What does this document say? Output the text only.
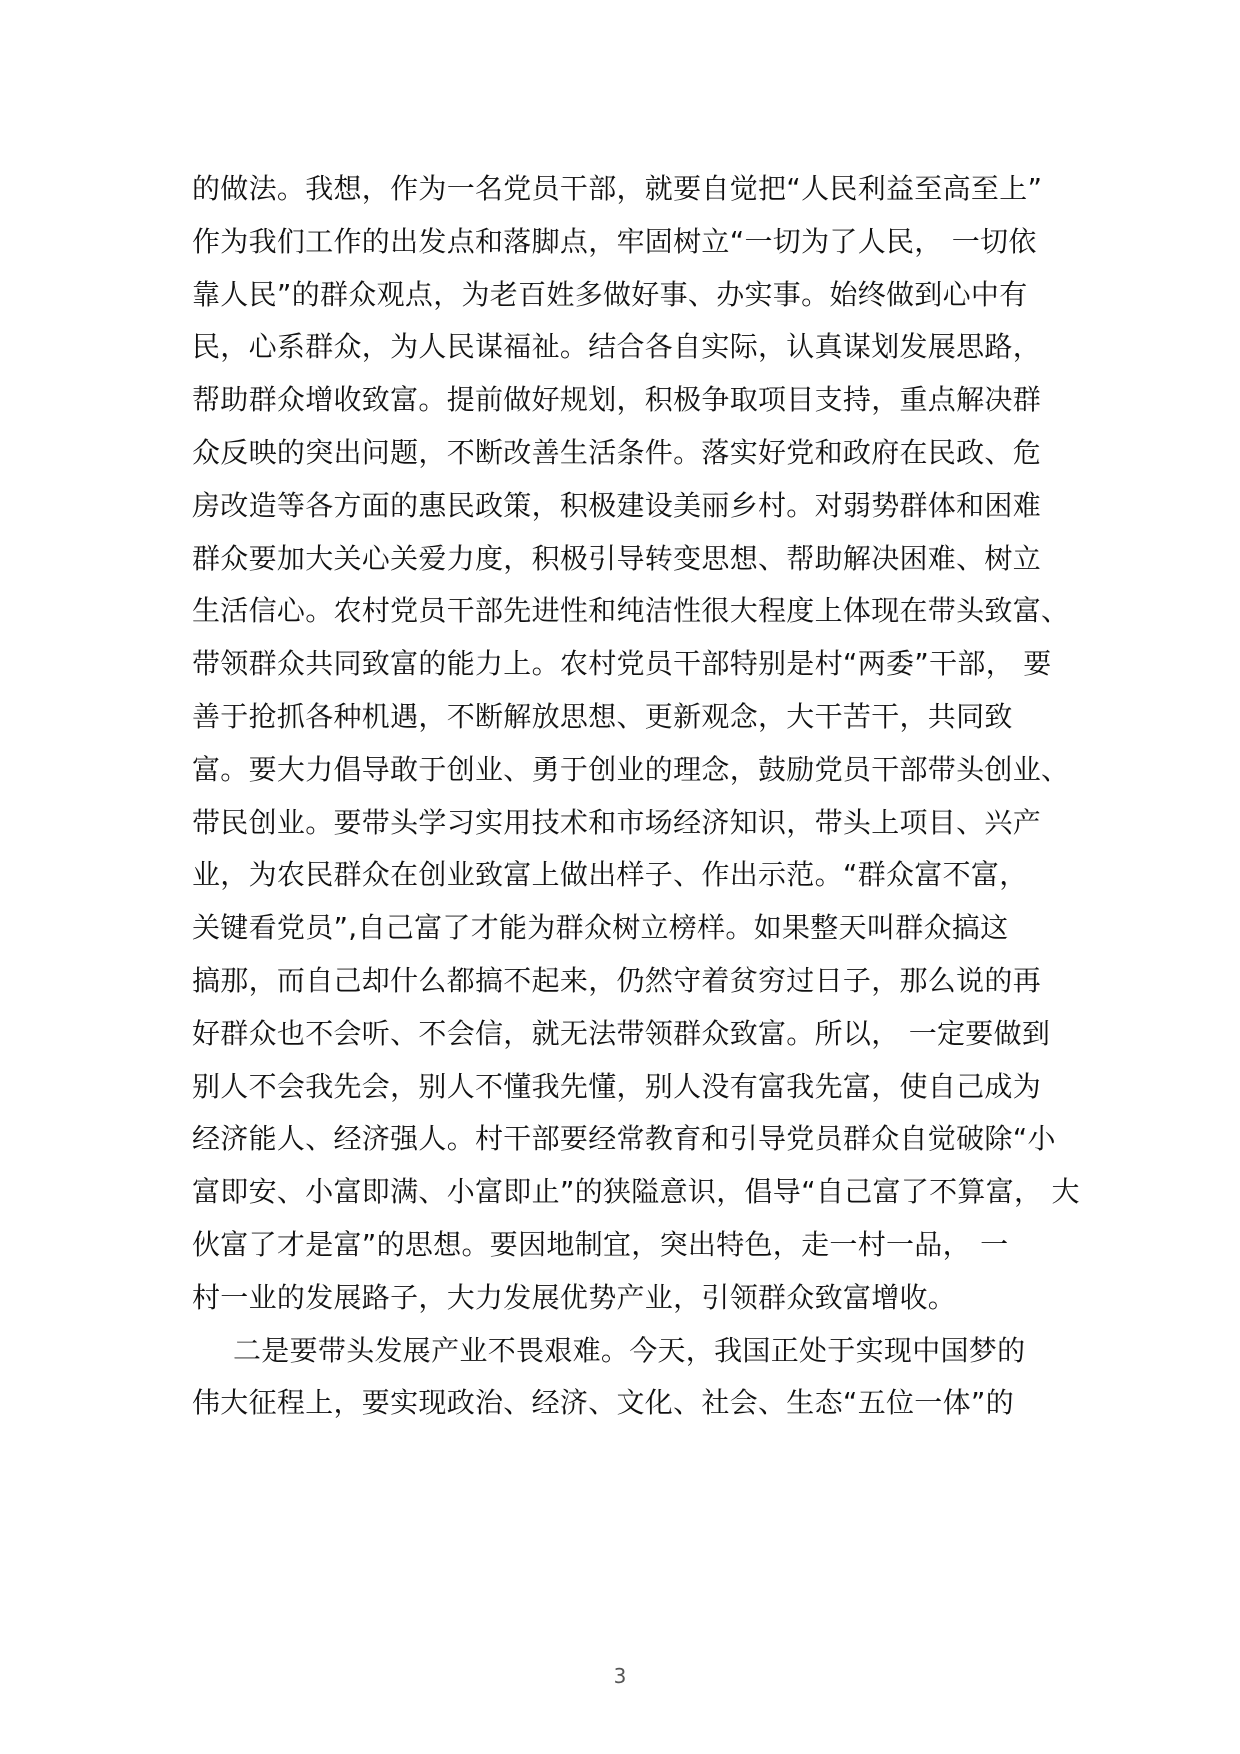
的做法。我想，作为一名党员干部，就要自觉把“人民利益至高至上”
作为我们工作的出发点和落脚点，牢固树立“一切为了人民， 一切依
靠人民”的群众观点，为老百姓多做好事、办实事。始终做到心中有
民，心系群众，为人民谋福祉。结合各自实际，认真谋划发展思路，
帮助群众增收致富。提前做好规划，积极争取项目支持，重点解决群
众反映的突出问题，不断改善生活条件。落实好党和政府在民政、危
房改造等各方面的惠民政策，积极建设美丽乡村。对弱势群体和困难
群众要加大关心关爱力度，积极引导转变思想、帮助解决困难、树立
生活信心。农村党员干部先进性和纯洁性很大程度上体现在带头致富、
带领群众共同致富的能力上。农村党员干部特别是村“两委”干部， 要
善于抢抓各种机遇，不断解放思想、更新观念，大干苦干，共同致
富。要大力倡导敢于创业、勇于创业的理念，鼓励党员干部带头创业、
带民创业。要带头学习实用技术和市场经济知识，带头上项目、兴产
业，为农民群众在创业致富上做出样子、作出示范。“群众富不富，
关键看党员”,自己富了才能为群众树立榜样。如果整天叫群众搞这
搞那，而自己却什么都搞不起来，仍然守着贫穷过日子，那么说的再
好群众也不会听、不会信，就无法带领群众致富。所以， 一定要做到
别人不会我先会，别人不懂我先懂，别人没有富我先富，使自己成为
经济能人、经济强人。村干部要经常教育和引导党员群众自觉破除“小
富即安、小富即满、小富即止”的狭隘意识，倡导“自己富了不算富， 大
伙富了才是富”的思想。要因地制宜，突出特色，走一村一品， 一
村一业的发展路子，大力发展优势产业，引领群众致富增收。
二是要带头发展产业不畏艰难。今天，我国正处于实现中国梦的
伟大征程上，要实现政治、经济、文化、社会、生态“五位一体”的
3
